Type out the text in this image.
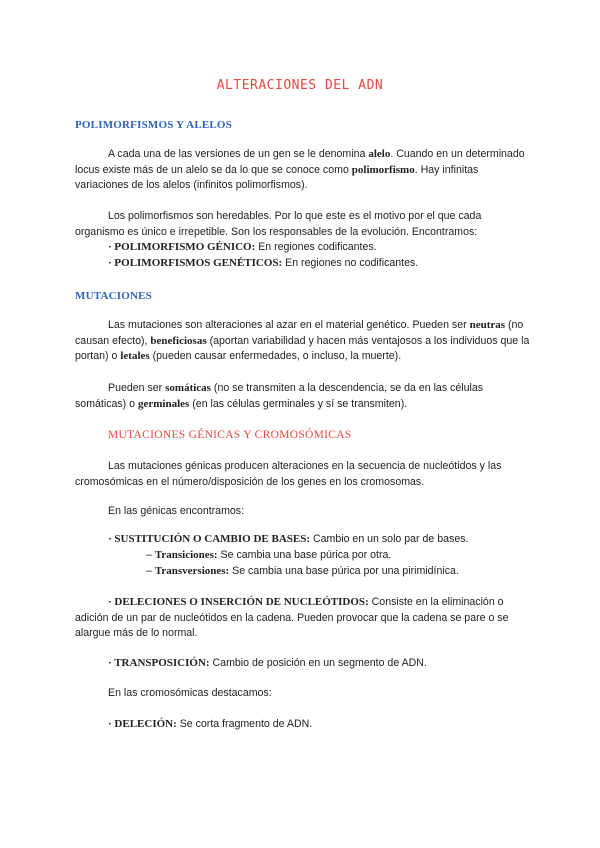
ALTERACIONES DEL ADN
POLIMORFISMOS Y ALELOS

A cada una de las versiones de un gen se le denomina alelo. Cuando en un determinado locus existe más de un alelo se da lo que se conoce como polimorfismo. Hay infinitas variaciones de los alelos (infinitos polimorfismos).

Los polimorfismos son heredables. Por lo que este es el motivo por el que cada organismo es único e irrepetible. Son los responsables de la evolución. Encontramos:

· POLIMORFISMO GÉNICO: En regiones codificantes.
· POLIMORFISMOS GENÉTICOS: En regiones no codificantes.
MUTACIONES

Las mutaciones son alteraciones al azar en el material genético. Pueden ser neutras (no causan efecto), beneficiosas (aportan variabilidad y hacen más ventajosos a los individuos que la portan) o letales (pueden causar enfermedades, o incluso, la muerte).

Pueden ser somáticas (no se transmiten a la descendencia, se da en las células somáticas) o germinales (en las células germinales y sí se transmiten).

MUTACIONES GÉNICAS Y CROMOSÓMICAS

Las mutaciones génicas producen alteraciones en la secuencia de nucleótidos y las cromosómicas en el número/disposición de los genes en los cromosomas.

En las génicas encontramos:
· SUSTITUCIÓN O CAMBIO DE BASES: Cambio en un solo par de bases.
– Transiciones: Se cambia una base púrica por otra.
– Transversiones: Se cambia una base púrica por una pirimidínica.

· DELECIONES O INSERCIÓN DE NUCLEÓTIDOS: Consiste en la eliminación o adición de un par de nucleótidos en la cadena. Pueden provocar que la cadena se pare o se alargue más de lo normal.

· TRANSPOSICIÓN: Cambio de posición en un segmento de ADN.
En las cromosómicas destacamos:
· DELECIÓN: Se corta fragmento de ADN.
